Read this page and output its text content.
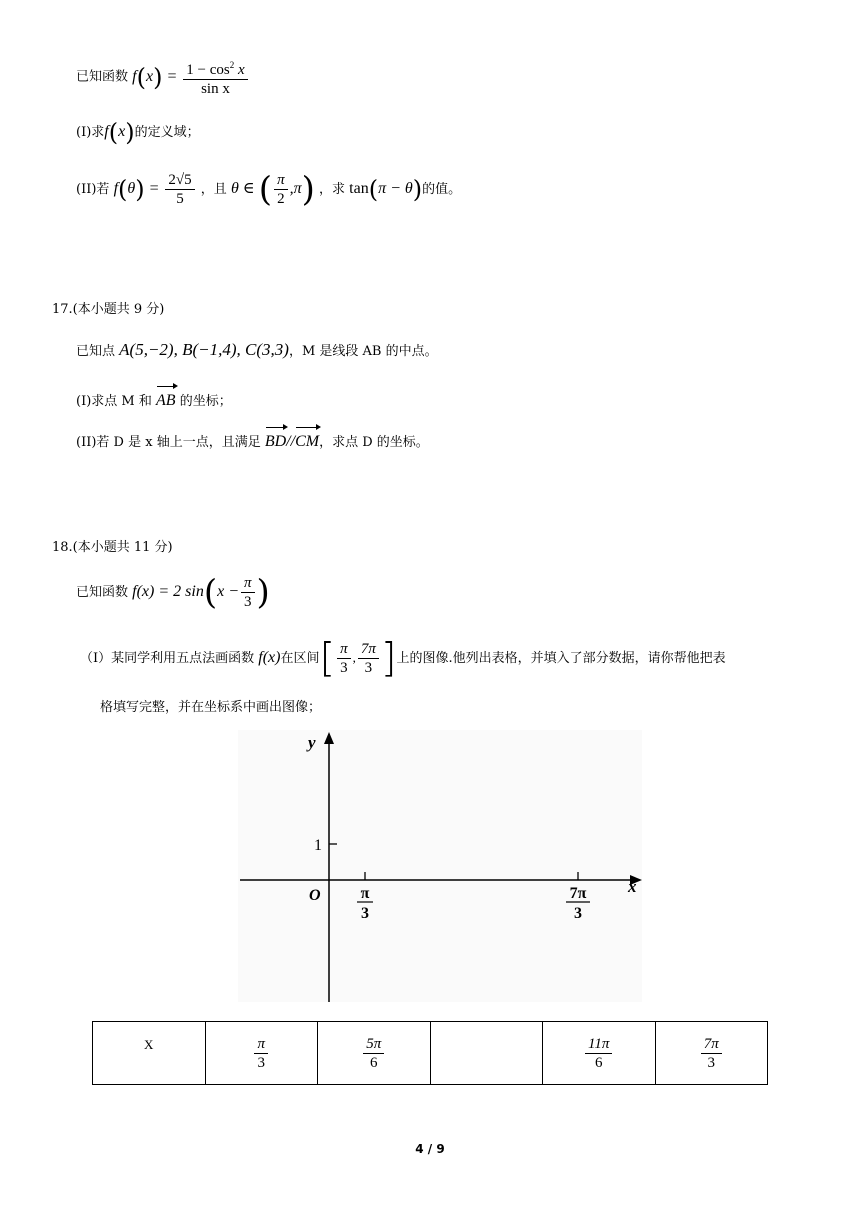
已知函数 $f(x) = \frac{1 - \cos^2 x}{\text{sin x}}$
(I)求f(x)的定义域；
(II)若 $f(\theta) = \frac{2√5}{5}$ ，且 θ ∈ ( $\frac{\pi}{2} ,\pi$) ，求 tan(π − θ)的值。
17.(本小题共 9 分)
已知点 A(5,−2), B(−1,4), C(3,3)，M 是线段 AB 的中点。
(I)求点 M 和 AB 的坐标；
(II)若 D 是 x 轴上一点，且满足 BD//CM，求点 D 的坐标。
18.(本小题共 11 分)
已知函数 f(x) = 2 $\sin(x - \frac{\pi}{3}$ )
（I）某同学利用五点法画函数 f(x)在区间[ $\frac{\pi}{3}$ , $\frac{7\pi}{3}$ ]上的图像.他列出表格，并填入了部分数据，请你帮他把表
格填写完整，并在坐标系中画出图像；
y
x
O
1
π
3
7π
3
X	$\frac{\pi}{3}$	$\frac{5\pi}{6}$		$\frac{11\pi}{6}$	$\frac{7\pi}{3}$
4 / 9
